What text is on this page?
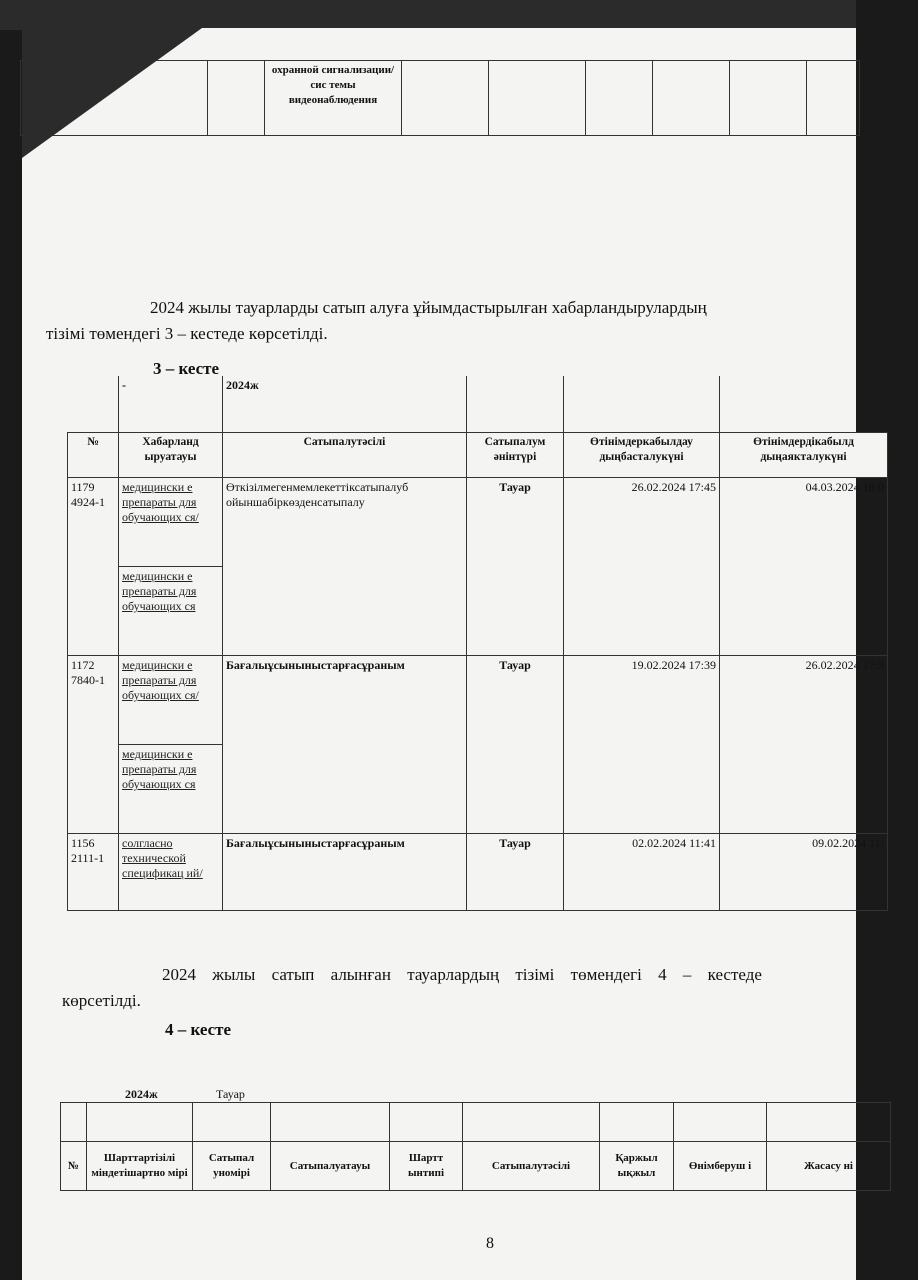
		охранной сигнализации/сис темы видеонаблюдения						
2024 жылы тауарларды сатып алуға ұйымдастырылған хабарландырулардың
тізімі төмендегі 3 – кестеде көрсетілді.
3 – кесте
	-	2024ж			
№	Хабарланд ыруатауы	Сатыпалутәсілі	Сатыпалум әнінтүрі	Өтінімдеркабылдау дыңбасталукүні	Өтінімдердікабылд дыңаякталукүні
1179 4924-1	медицински е препараты для обучающих ся/	Өткізілмегенмемлекеттіксатыпалуб ойыншабіркөзденсатыпалу	Тауар	26.02.2024 17:45	04.03.2024 18:0
	медицински е препараты для обучающих ся				
1172 7840-1	медицински е препараты для обучающих ся/	Бағалыұсыныныстарғасұраным	Тауар	19.02.2024 17:39	26.02.2024 17:3
	медицински е препараты для обучающих ся				
1156 2111-1	солгласно технической спецификац ий/	Бағалыұсыныныстарғасұраным	Тауар	02.02.2024 11:41	09.02.2024 11:
2024 жылы сатып алынған тауарлардың тізімі төмендегі 4 – кестеде
көрсетілді.
4 – кесте
2024ж	Тауар

№	Шарттартізілі міндетішартно мірі	Сатыпал уномірі	Сатыпалуатауы	Шартт ынтипі	Сатыпалутәсілі	Қаржыл ықжыл	Өнімберуш і	Жасасу ні
8
